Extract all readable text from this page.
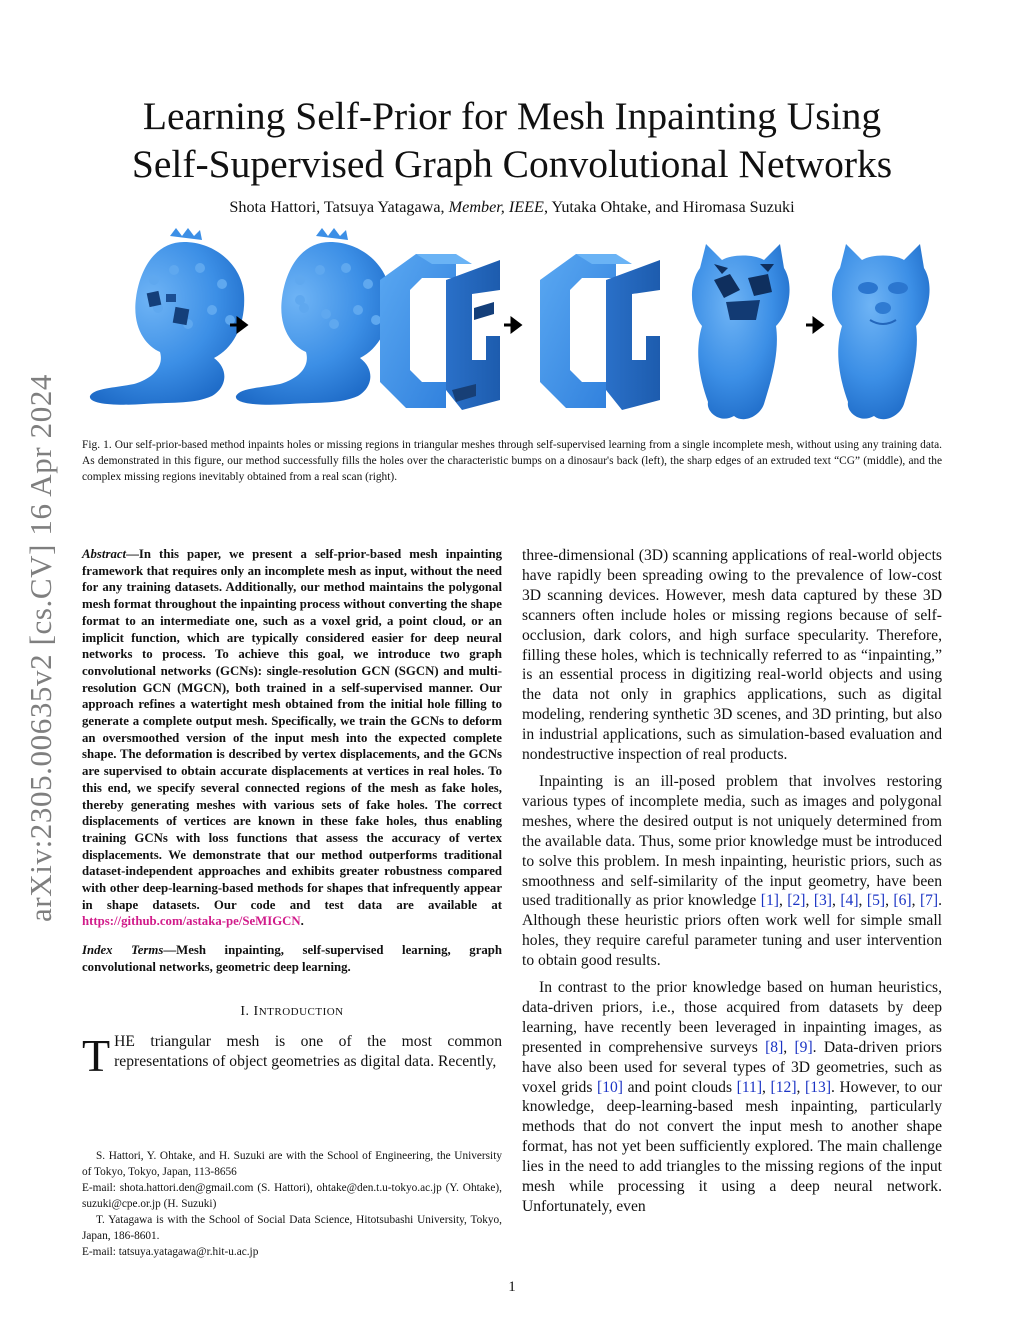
arXiv:2305.00635v2 [cs.CV] 16 Apr 2024
Learning Self-Prior for Mesh Inpainting Using
Self-Supervised Graph Convolutional Networks
Shota Hattori, Tatsuya Yatagawa, Member, IEEE, Yutaka Ohtake, and Hiromasa Suzuki
Fig. 1. Our self-prior-based method inpaints holes or missing regions in triangular meshes through self-supervised learning from a single incomplete mesh, without using any training data. As demonstrated in this figure, our method successfully fills the holes over the characteristic bumps on a dinosaur's back (left), the sharp edges of an extruded text “CG” (middle), and the complex missing regions inevitably obtained from a real scan (right).

Abstract—In this paper, we present a self-prior-based mesh inpainting framework that requires only an incomplete mesh as input, without the need for any training datasets. Additionally, our method maintains the polygonal mesh format throughout the inpainting process without converting the shape format to an intermediate one, such as a voxel grid, a point cloud, or an implicit function, which are typically considered easier for deep neural networks to process. To achieve this goal, we introduce two graph convolutional networks (GCNs): single-resolution GCN (SGCN) and multi-resolution GCN (MGCN), both trained in a self-supervised manner. Our approach refines a watertight mesh obtained from the initial hole filling to generate a complete output mesh. Specifically, we train the GCNs to deform an oversmoothed version of the input mesh into the expected complete shape. The deformation is described by vertex displacements, and the GCNs are supervised to obtain accurate displacements at vertices in real holes. To this end, we specify several connected regions of the mesh as fake holes, thereby generating meshes with various sets of fake holes. The correct displacements of vertices are known in these fake holes, thus enabling training GCNs with loss functions that assess the accuracy of vertex displacements. We demonstrate that our method outperforms traditional dataset-independent approaches and exhibits greater robustness compared with other deep-learning-based methods for shapes that infrequently appear in shape datasets. Our code and test data are available at https://github.com/astaka-pe/SeMIGCN.

Index Terms—Mesh inpainting, self-supervised learning, graph convolutional networks, geometric deep learning.

I. INTRODUCTION

THE triangular mesh is one of the most common representations of object geometries as digital data. Recently,

S. Hattori, Y. Ohtake, and H. Suzuki are with the School of Engineering, the University of Tokyo, Tokyo, Japan, 113-8656

E-mail: shota.hattori.den@gmail.com (S. Hattori), ohtake@den.t.u-tokyo.ac.jp (Y. Ohtake), suzuki@cpe.or.jp (H. Suzuki)

T. Yatagawa is with the School of Social Data Science, Hitotsubashi University, Tokyo, Japan, 186-8601.

E-mail: tatsuya.yatagawa@r.hit-u.ac.jp

three-dimensional (3D) scanning applications of real-world objects have rapidly been spreading owing to the prevalence of low-cost 3D scanning devices. However, mesh data captured by these 3D scanners often include holes or missing regions because of self-occlusion, dark colors, and high surface specularity. Therefore, filling these holes, which is technically referred to as “inpainting,” is an essential process in digitizing real-world objects and using the data not only in graphics applications, such as digital modeling, rendering synthetic 3D scenes, and 3D printing, but also in industrial applications, such as simulation-based evaluation and nondestructive inspection of real products.

Inpainting is an ill-posed problem that involves restoring various types of incomplete media, such as images and polygonal meshes, where the desired output is not uniquely determined from the available data. Thus, some prior knowledge must be introduced to solve this problem. In mesh inpainting, heuristic priors, such as smoothness and self-similarity of the input geometry, have been used traditionally as prior knowledge [1], [2], [3], [4], [5], [6], [7]. Although these heuristic priors often work well for simple small holes, they require careful parameter tuning and user intervention to obtain good results.

In contrast to the prior knowledge based on human heuristics, data-driven priors, i.e., those acquired from datasets by deep learning, have recently been leveraged in inpainting images, as presented in comprehensive surveys [8], [9]. Data-driven priors have also been used for several types of 3D geometries, such as voxel grids [10] and point clouds [11], [12], [13]. However, to our knowledge, deep-learning-based mesh inpainting, particularly methods that do not convert the input mesh to another shape format, has not yet been sufficiently explored. The main challenge lies in the need to add triangles to the missing regions of the input mesh while processing it using a deep neural network. Unfortunately, even

1
